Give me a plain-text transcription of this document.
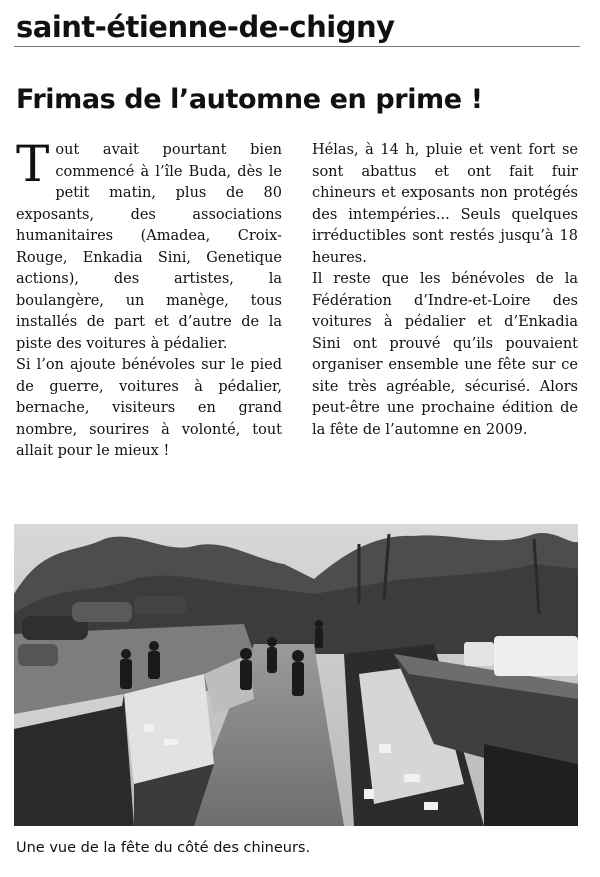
saint-étienne-de-chigny
Frimas de l’automne en prime !

Tout avait pourtant bien commencé à l’île Buda, dès le petit matin, plus de 80 exposants, des associations humanitaires (Amadea, Croix-Rouge, Enkadia Sini, Genetique actions), des artistes, la boulangère, un manège, tous installés de part et d’autre de la piste des voitures à pédalier.

Si l’on ajoute bénévoles sur le pied de guerre, voitures à pédalier, bernache, visiteurs en grand nombre, sourires à volonté, tout allait pour le mieux !

Hélas, à 14 h, pluie et vent fort se sont abattus et ont fait fuir chineurs et exposants non protégés des intempéries... Seuls quelques irréductibles sont restés jusqu’à 18 heures.

Il reste que les bénévoles de la Fédération d’Indre-et-Loire des voitures à pédalier et d’Enkadia Sini ont prouvé qu’ils pouvaient organiser ensemble une fête sur ce site très agréable, sécurisé. Alors peut-être une prochaine édition de la fête de l’automne en 2009.

Une vue de la fête du côté des chineurs.
